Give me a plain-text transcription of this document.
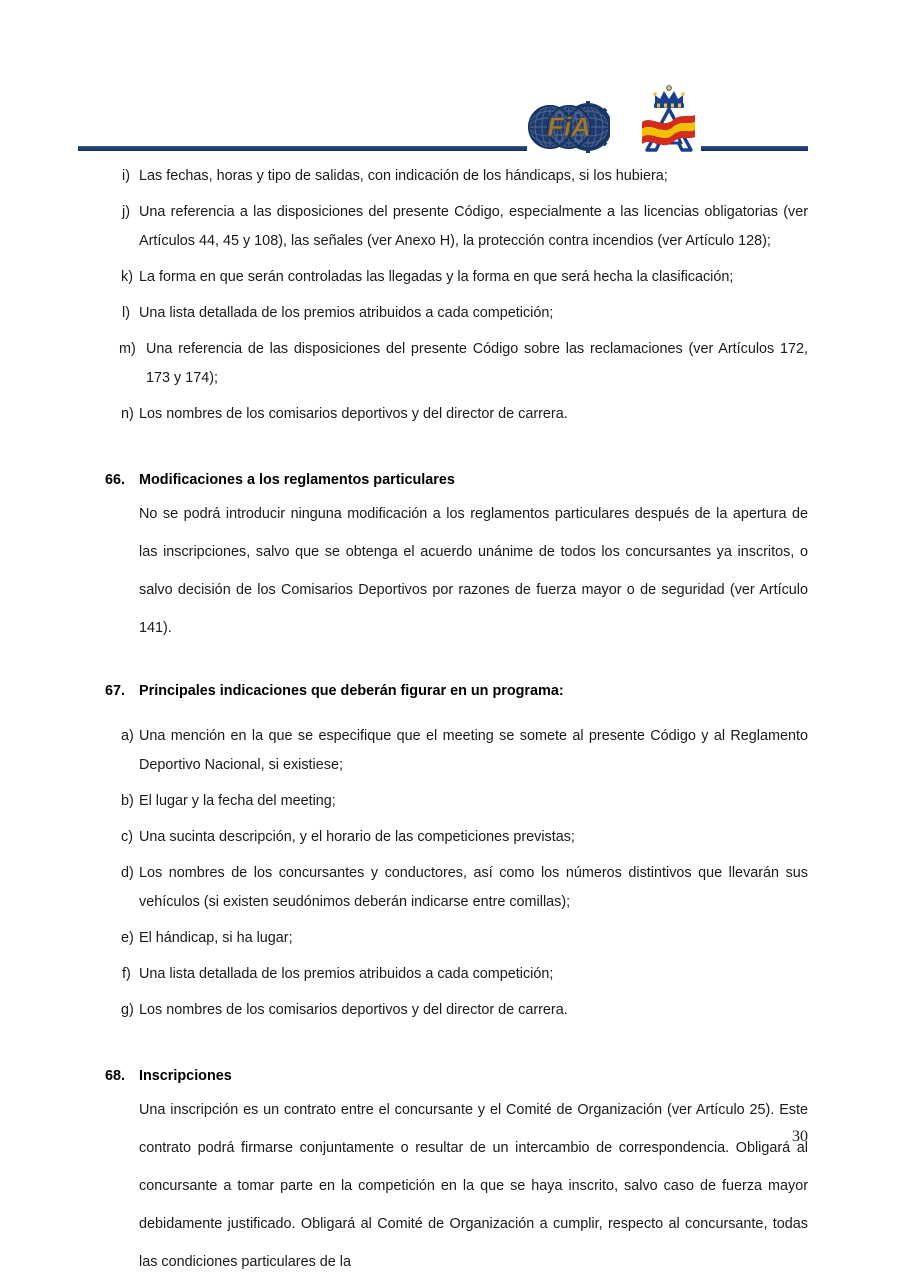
FiA
i) Las fechas, horas y tipo de salidas, con indicación de los hándicaps, si los hubiera;
j) Una referencia a las disposiciones del presente Código, especialmente a las licencias obligatorias (ver Artículos 44, 45 y 108), las señales (ver Anexo H), la protección contra incendios (ver Artículo 128);
k) La forma en que serán controladas las llegadas y la forma en que será hecha la clasificación;
l) Una lista detallada de los premios atribuidos a cada competición;
m) Una referencia de las disposiciones del presente Código sobre las reclamaciones (ver Artículos 172, 173 y 174);
n) Los nombres de los comisarios deportivos y del director de carrera.
66. Modificaciones a los reglamentos particulares

No se podrá introducir ninguna modificación a los reglamentos particulares después de la apertura de las inscripciones, salvo que se obtenga el acuerdo unánime de todos los concursantes ya inscritos, o salvo decisión de los Comisarios Deportivos por razones de fuerza mayor o de seguridad (ver Artículo 141).

67. Principales indicaciones que deberán figurar en un programa:
a) Una mención en la que se especifique que el meeting se somete al presente Código y al Reglamento Deportivo Nacional, si existiese;
b) El lugar y la fecha del meeting;
c) Una sucinta descripción, y el horario de las competiciones previstas;
d) Los nombres de los concursantes y conductores, así como los números distintivos que llevarán sus vehículos (si existen seudónimos deberán indicarse entre comillas);
e) El hándicap, si ha lugar;
f) Una lista detallada de los premios atribuidos a cada competición;
g) Los nombres de los comisarios deportivos y del director de carrera.
68. Inscripciones

Una inscripción es un contrato entre el concursante y el Comité de Organización (ver Artículo 25). Este contrato podrá firmarse conjuntamente o resultar de un intercambio de correspondencia. Obligará al concursante a tomar parte en la competición en la que se haya inscrito, salvo caso de fuerza mayor debidamente justificado. Obligará al Comité de Organización a cumplir, respecto al concursante, todas las condiciones particulares de la

30
